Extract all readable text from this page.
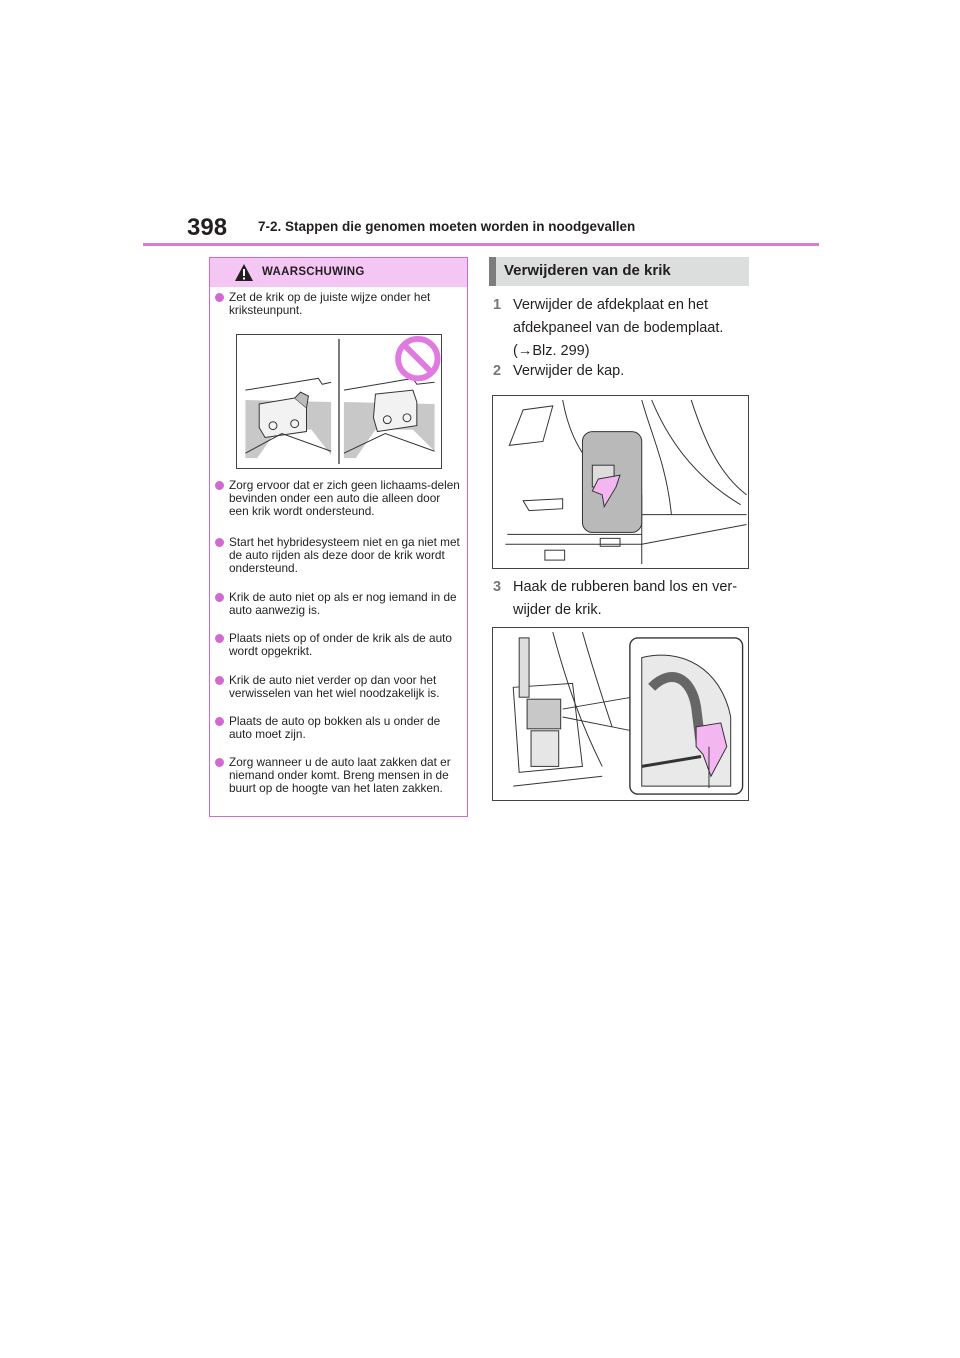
398 7-2. Stappen die genomen moeten worden in noodgevallen
WAARSCHUWING
Zet de krik op de juiste wijze onder het kriksteunpunt.
Zorg ervoor dat er zich geen lichaams-delen bevinden onder een auto die alleen door een krik wordt ondersteund.
Start het hybridesysteem niet en ga niet met de auto rijden als deze door de krik wordt ondersteund.
Krik de auto niet op als er nog iemand in de auto aanwezig is.
Plaats niets op of onder de krik als de auto wordt opgekrikt.
Krik de auto niet verder op dan voor het verwisselen van het wiel noodzakelijk is.
Plaats de auto op bokken als u onder de auto moet zijn.
Zorg wanneer u de auto laat zakken dat er niemand onder komt. Breng mensen in de buurt op de hoogte van het laten zakken.
Verwijderen van de krik
1 Verwijder de afdekplaat en het
afdekpaneel van de bodemplaat.
(→Blz. 299)
2 Verwijder de kap.
3 Haak de rubberen band los en ver-
wijder de krik.
